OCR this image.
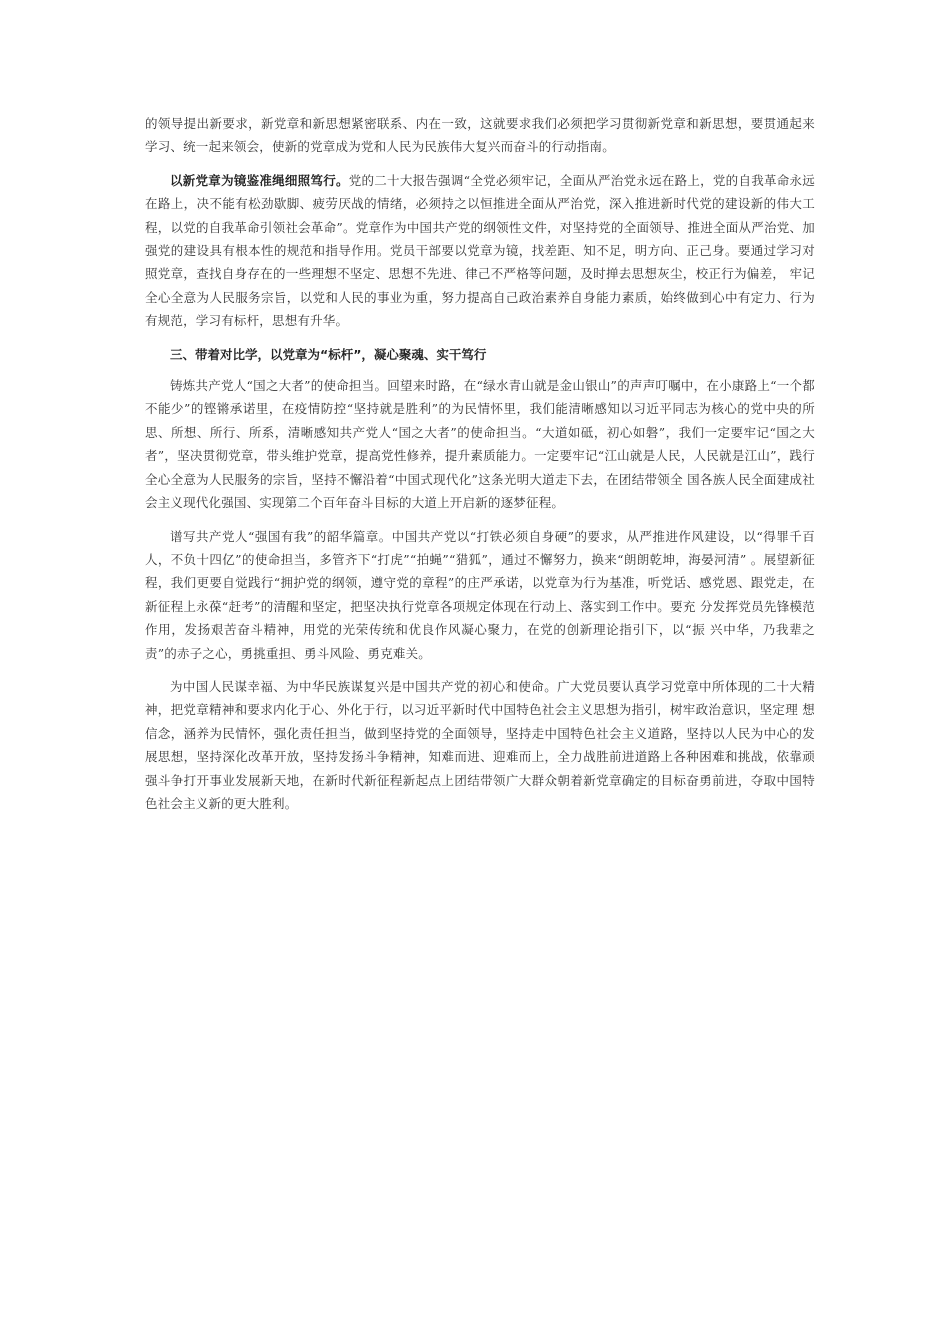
的领导提出新要求，新党章和新思想紧密联系、内在一致，这就要求我们必须把学习贯彻新党章和新思想，要贯通起来学习、统一起来领会，使新的党章成为党和人民为民族伟大复兴而奋斗的行动指南。

以新党章为镜鉴准绳细照笃行。党的二十大报告强调“全党必须牢记，全面从严治党永远在路上，党的自我革命永远在路上，决不能有松劲歇脚、疲劳厌战的情绪，必须持之以恒推进全面从严治党，深入推进新时代党的建设新的伟大工程，以党的自我革命引领社会革命”。党章作为中国共产党的纲领性文件，对坚持党的全面领导、推进全面从严治党、加强党的建设具有根本性的规范和指导作用。党员干部要以党章为镜，找差距、知不足，明方向、正己身。要通过学习对照党章，查找自身存在的一些理想不坚定、思想不先进、律己不严格等问题，及时掸去思想灰尘，校正行为偏差， 牢记全心全意为人民服务宗旨，以党和人民的事业为重，努力提高自己政治素养自身能力素质，始终做到心中有定力、行为有规范，学习有标杆，思想有升华。

三、带着对比学，以党章为“标杆”，凝心聚魂、实干笃行

铸炼共产党人“国之大者”的使命担当。回望来时路，在“绿水青山就是金山银山”的声声叮嘱中，在小康路上“一个都不能少”的铿锵承诺里，在疫情防控“坚持就是胜利”的为民情怀里，我们能清晰感知以习近平同志为核心的党中央的所思、所想、所行、所系，清晰感知共产党人“国之大者”的使命担当。“大道如砥，初心如磐”，我们一定要牢记“国之大者”，坚决贯彻党章，带头维护党章，提高党性修养，提升素质能力。一定要牢记“江山就是人民，人民就是江山”，践行全心全意为人民服务的宗旨，坚持不懈沿着“中国式现代化”这条光明大道走下去，在团结带领全 国各族人民全面建成社会主义现代化强国、实现第二个百年奋斗目标的大道上开启新的逐梦征程。

谱写共产党人“强国有我”的韶华篇章。中国共产党以“打铁必须自身硬”的要求，从严推进作风建设，以“得罪千百人，不负十四亿”的使命担当，多管齐下“打虎”“拍蝇”“猎狐”，通过不懈努力，换来“朗朗乾坤，海晏河清” 。展望新征程，我们更要自觉践行“拥护党的纲领，遵守党的章程”的庄严承诺，以党章为行为基准，听党话、感党恩、跟党走，在新征程上永葆“赶考”的清醒和坚定，把坚决执行党章各项规定体现在行动上、落实到工作中。要充 分发挥党员先锋模范作用，发扬艰苦奋斗精神，用党的光荣传统和优良作风凝心聚力，在党的创新理论指引下，以“振 兴中华，乃我辈之责”的赤子之心，勇挑重担、勇斗风险、勇克难关。

为中国人民谋幸福、为中华民族谋复兴是中国共产党的初心和使命。广大党员要认真学习党章中所体现的二十大精神，把党章精神和要求内化于心、外化于行，以习近平新时代中国特色社会主义思想为指引，树牢政治意识，坚定理 想信念，涵养为民情怀，强化责任担当，做到坚持党的全面领导，坚持走中国特色社会主义道路，坚持以人民为中心的发 展思想，坚持深化改革开放，坚持发扬斗争精神，知难而进、迎难而上，全力战胜前进道路上各种困难和挑战，依靠顽 强斗争打开事业发展新天地，在新时代新征程新起点上团结带领广大群众朝着新党章确定的目标奋勇前进，夺取中国特 色社会主义新的更大胜利。
